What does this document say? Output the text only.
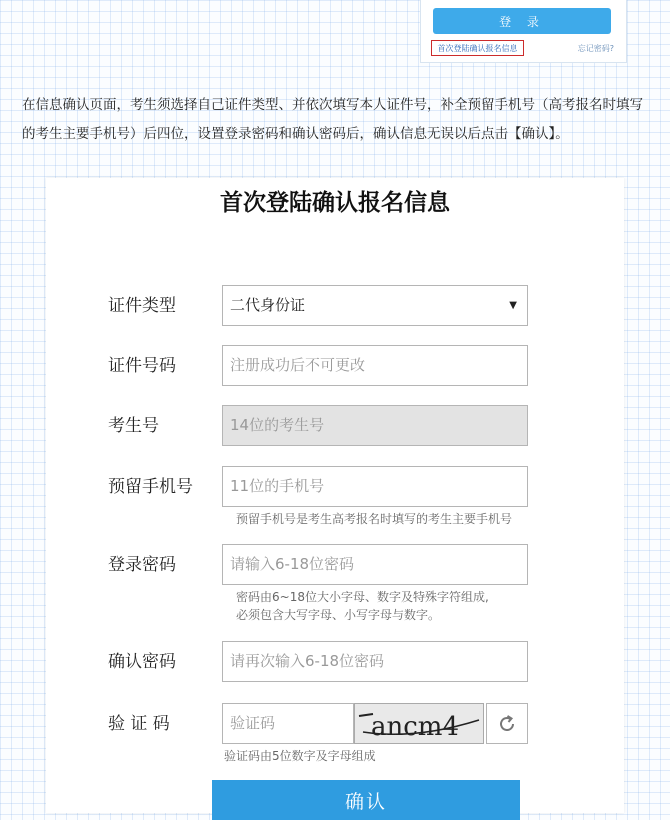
登 录
首次登陆确认报名信息	忘记密码?

在信息确认页面，考生须选择自己证件类型、并依次填写本人证件号，补全预留手机号（高考报名时填写的考生主要手机号）后四位，设置登录密码和确认密码后，确认信息无误以后点击【确认】。

首次登陆确认报名信息
证件类型	二代身份证	▼
证件号码	注册成功后不可更改
考生号	14位的考生号
预留手机号	11位的手机号
预留手机号是考生高考报名时填写的考生主要手机号
登录密码	请输入6-18位密码
密码由6~18位大小字母、数字及特殊字符组成,
必须包含大写字母、小写字母与数字。
确认密码	请再次输入6-18位密码
验 证 码	验证码	ancm4
验证码由5位数字及字母组成
确认
